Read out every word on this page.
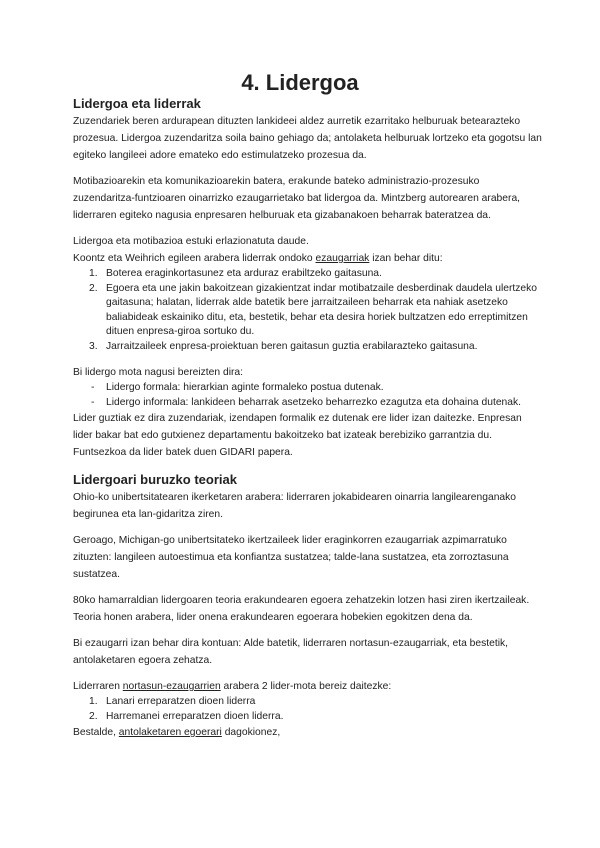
4. Lidergoa
Lidergoa eta liderrak

Zuzendariek beren ardurapean dituzten lankideei aldez aurretik ezarritako helburuak betearazteko prozesua. Lidergoa zuzendaritza soila baino gehiago da; antolaketa helburuak lortzeko eta gogotsu lan egiteko langileei adore emateko edo estimulatzeko prozesua da.

Motibazioarekin eta komunikazioarekin batera, erakunde bateko administrazio-prozesuko zuzendaritza-funtzioaren oinarrizko ezaugarrietako bat lidergoa da. Mintzberg autorearen arabera, liderraren egiteko nagusia enpresaren helburuak eta gizabanakoen beharrak bateratzea da.

Lidergoa eta motibazioa estuki erlazionatuta daude.

Koontz eta Weihrich egileen arabera liderrak ondoko ezaugarriak izan behar ditu:

1. Boterea eraginkortasunez eta arduraz erabiltzeko gaitasuna.
2. Egoera eta une jakin bakoitzean gizakientzat indar motibatzaile desberdinak daudela ulertzeko gaitasuna; halatan, liderrak alde batetik bere jarraitzaileen beharrak eta nahiak asetzeko baliabideak eskainiko ditu, eta, bestetik, behar eta desira horiek bultzatzen edo erreptimitzen dituen enpresa-giroa sortuko du.
3. Jarraitzaileek enpresa-proiektuan beren gaitasun guztia erabilarazteko gaitasuna.

Bi lidergo mota nagusi bereizten dira:

- Lidergo formala: hierarkian aginte formaleko postua dutenak.
- Lidergo informala: lankideen beharrak asetzeko beharrezko ezagutza eta dohaina dutenak.

Lider guztiak ez dira zuzendariak, izendapen formalik ez dutenak ere lider izan daitezke. Enpresan lider bakar bat edo gutxienez departamentu bakoitzeko bat izateak berebiziko garrantzia du. Funtsezkoa da lider batek duen GIDARI papera.

Lidergoari buruzko teoriak

Ohio-ko unibertsitatearen ikerketaren arabera: liderraren jokabidearen oinarria langilearenganako begirunea eta lan-gidaritza ziren.

Geroago, Michigan-go unibertsitateko ikertzaileek lider eraginkorren ezaugarriak azpimarratuko zituzten: langileen autoestimua eta konfiantza sustatzea; talde-lana sustatzea, eta zorroztasuna sustatzea.

80ko hamarraldian lidergoaren teoria erakundearen egoera zehatzekin lotzen hasi ziren ikertzaileak. Teoria honen arabera, lider onena erakundearen egoerara hobekien egokitzen dena da.

Bi ezaugarri izan behar dira kontuan: Alde batetik, liderraren nortasun-ezaugarriak, eta bestetik, antolaketaren egoera zehatza.

Liderraren nortasun-ezaugarrien arabera 2 lider-mota bereiz daitezke:

1. Lanari erreparatzen dioen liderra
2. Harremanei erreparatzen dioen liderra.

Bestalde, antolaketaren egoerari dagokionez,
